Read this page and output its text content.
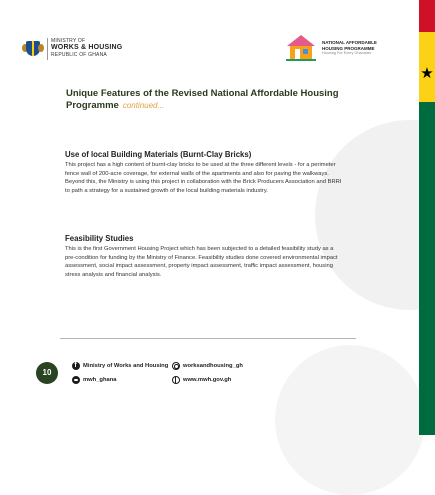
★
MINISTRY OF
WORKS & HOUSING
REPUBLIC OF GHANA
NATIONAL AFFORDABLE
HOUSING PROGRAMME
Housing For Every Ghanaian
Unique Features of the Revised National Affordable Housing Programme continued...
Use of local Building Materials (Burnt-Clay Bricks)

This project has a high content of burnt-clay bricks to be used at the three different levels - for a perimeter fence wall of 200-acre coverage, for external walls of the apartments and also for paving the walkways. Beyond this, the Ministry is using this project in collaboration with the Brick Producers Association and BRRI to path a strategy for a sustained growth of the local building materials industry.

Feasibility Studies

This is the first Government Housing Project which has been subjected to a detailed feasibility study as a pre-condition for funding by the Ministry of Finance. Feasibility studies done covered environmental impact assessment, social impact assessment, property impact assessment, traffic impact assessment, housing stress analysis and financial analysis.

10
f
Ministry of Works and Housing	worksandhousing_gh
mwh_ghana	www.mwh.gov.gh
